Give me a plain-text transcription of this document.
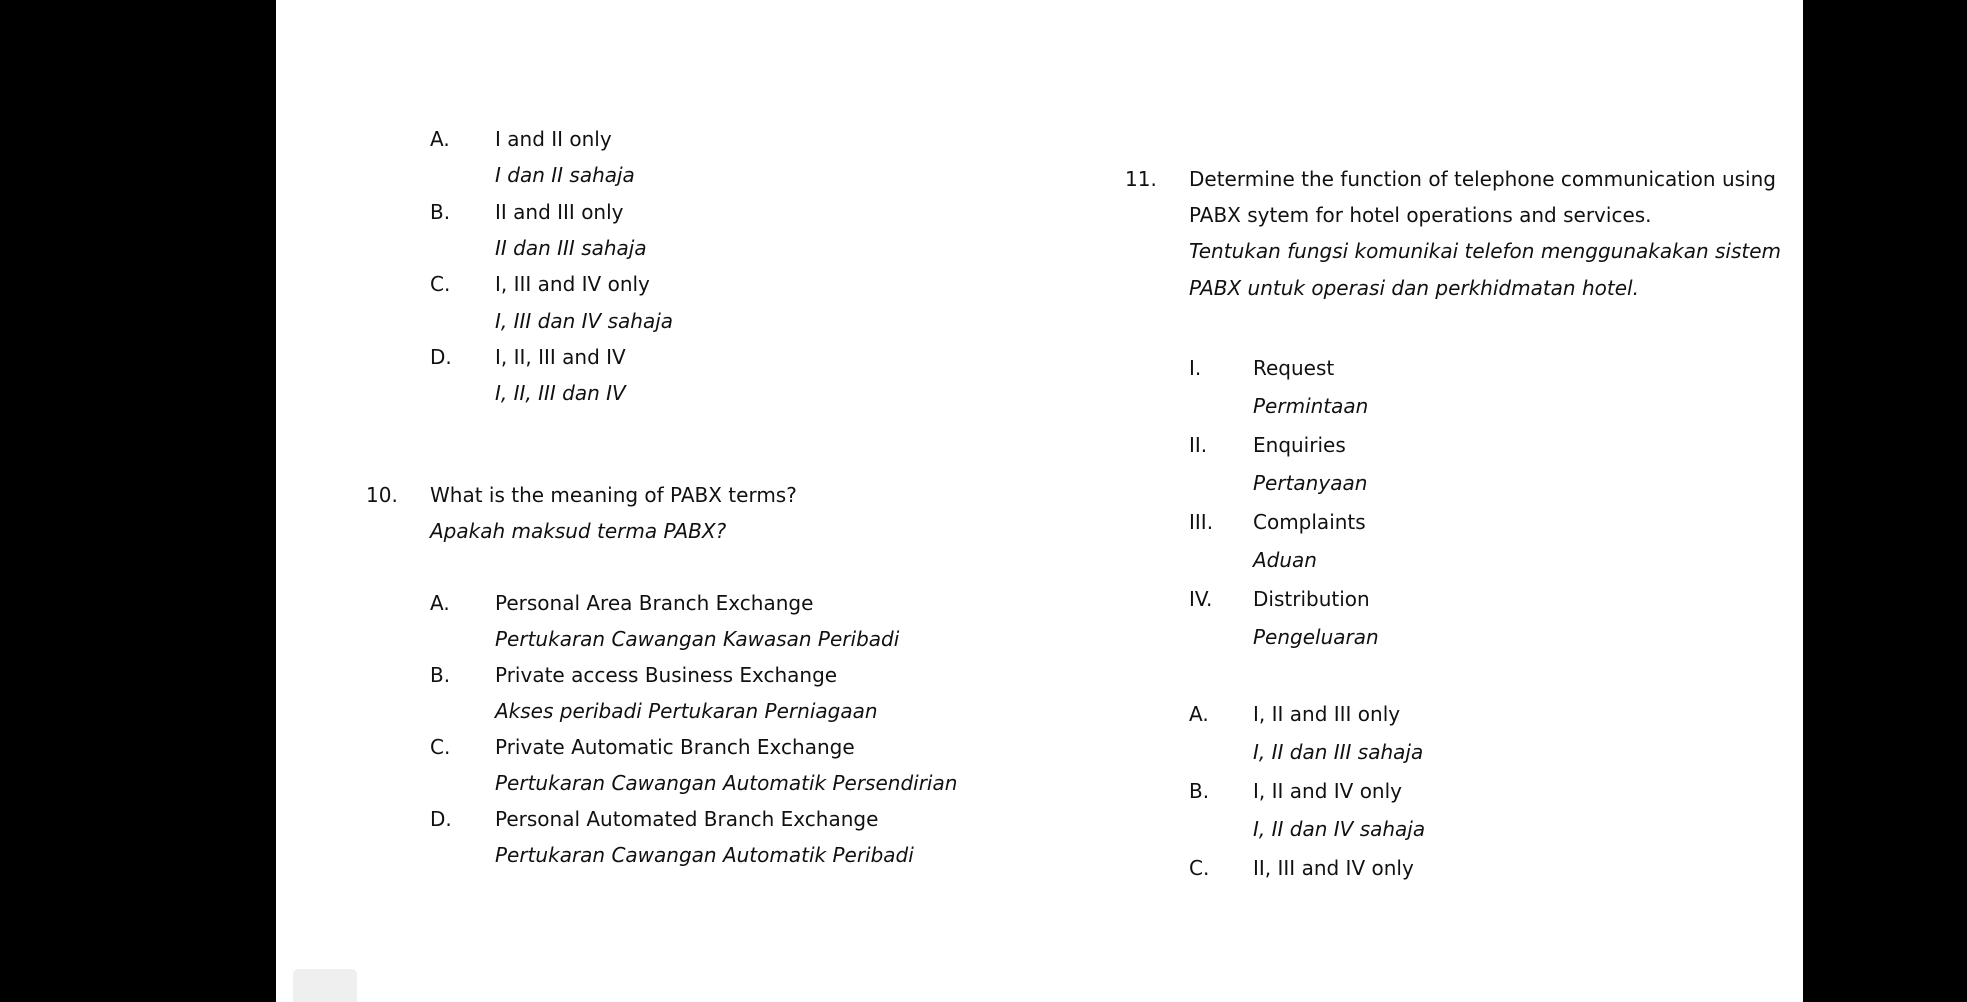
A. I and II only
I dan II sahaja
B. II and III only
II dan III sahaja
C. I, III and IV only
I, III dan IV sahaja
D. I, II, III and IV
I, II, III dan IV
10. What is the meaning of PABX terms?
Apakah maksud terma PABX?
A. Personal Area Branch Exchange
Pertukaran Cawangan Kawasan Peribadi
B. Private access Business Exchange
Akses peribadi Pertukaran Perniagaan
C. Private Automatic Branch Exchange
Pertukaran Cawangan Automatik Persendirian
D. Personal Automated Branch Exchange
Pertukaran Cawangan Automatik Peribadi
11. Determine the function of telephone communication using
PABX sytem for hotel operations and services.
Tentukan fungsi komunikai telefon menggunakakan sistem
PABX untuk operasi dan perkhidmatan hotel.
I.	Request
Permintaan
II. Enquiries
Pertanyaan
III. Complaints
Aduan
IV. Distribution
Pengeluaran
A. I, II and III only
I, II dan III sahaja
B. I, II and IV only
I, II dan IV sahaja
C. II, III and IV only
